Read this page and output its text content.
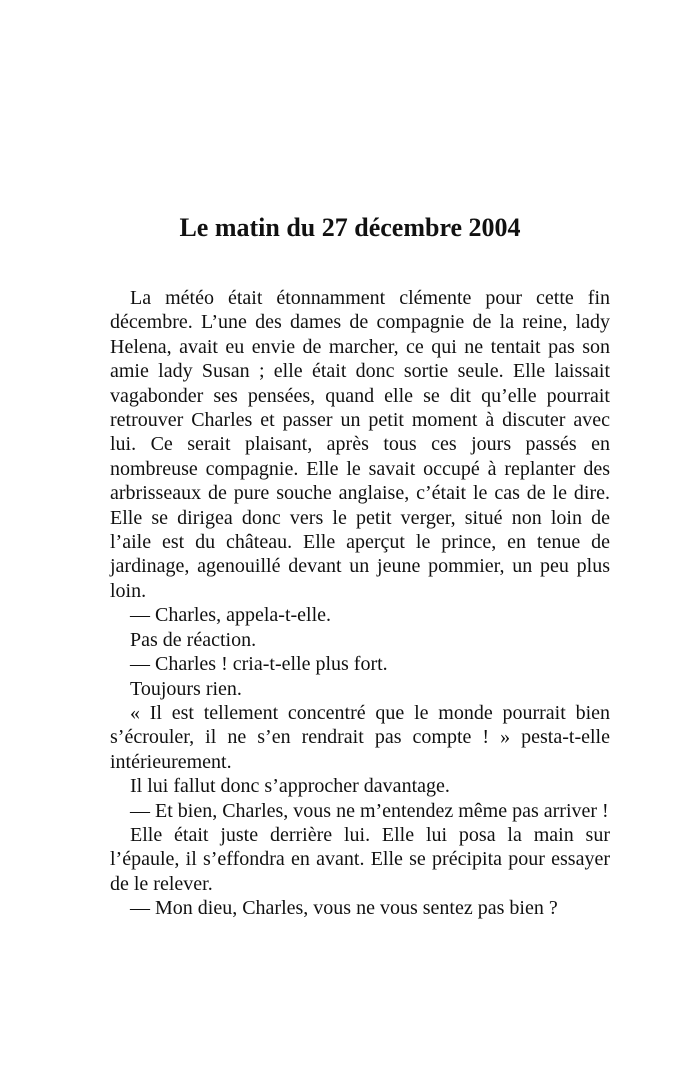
Le matin du 27 décembre 2004

La météo était étonnamment clémente pour cette fin décembre. L’une des dames de compagnie de la reine, lady Helena, avait eu envie de marcher, ce qui ne tentait pas son amie lady Susan ; elle était donc sortie seule. Elle laissait vagabonder ses pensées, quand elle se dit qu’elle pourrait retrouver Charles et passer un petit moment à discuter avec lui. Ce serait plaisant, après tous ces jours passés en nombreuse compagnie. Elle le savait occupé à replanter des arbrisseaux de pure souche anglaise, c’était le cas de le dire. Elle se dirigea donc vers le petit verger, situé non loin de l’aile est du château. Elle aperçut le prince, en tenue de jardinage, agenouillé devant un jeune pommier, un peu plus loin.

— Charles, appela-t-elle.

Pas de réaction.

— Charles ! cria-t-elle plus fort.

Toujours rien.

« Il est tellement concentré que le monde pourrait bien s’écrouler, il ne s’en rendrait pas compte ! » pesta-t-elle intérieurement.

Il lui fallut donc s’approcher davantage.

— Et bien, Charles, vous ne m’entendez même pas arriver !

Elle était juste derrière lui. Elle lui posa la main sur l’épaule, il s’effondra en avant. Elle se précipita pour essayer de le relever.

— Mon dieu, Charles, vous ne vous sentez pas bien ?
